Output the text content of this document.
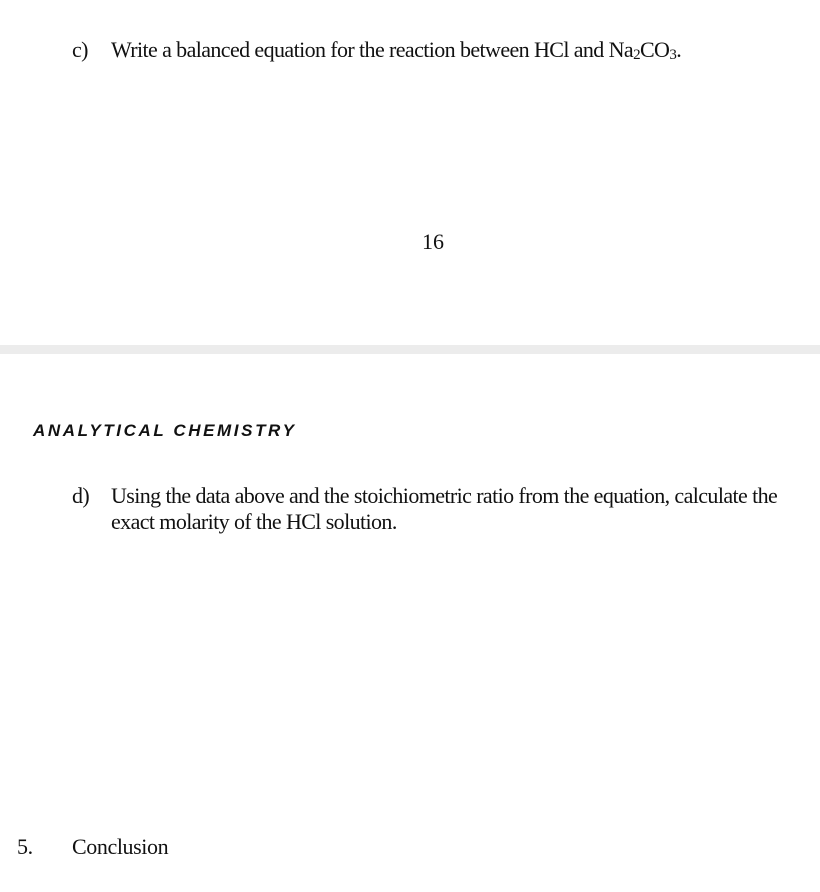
c) Write a balanced equation for the reaction between HCl and $Na_2CO_3$.
16
ANALYTICAL CHEMISTRY
d) Using the data above and the stoichiometric ratio from the equation, calculate the
exact molarity of the HCl solution.
5. Conclusion
